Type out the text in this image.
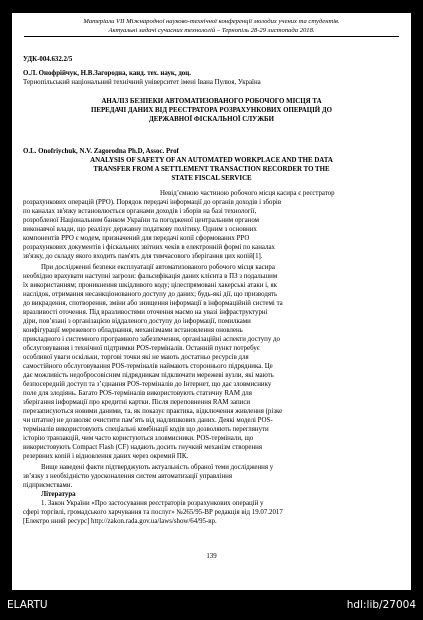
Матеріали VІІ Міжнародної науково-технічної конференції молодих учених та студентів.
Актуальні задачі сучасних технологій – Тернопіль 28-29 листопада 2018.
УДК-004.632.2/5
О.Л. Онофрійчук, Н.В.Загородна, канд. тех. наук, доц.
Тернопільський національний технічний університет імені Івана Пулюя, Україна
АНАЛІЗ БЕЗПЕКИ АВТОМАТИЗОВАНОГО РОБОЧОГО МІСЦЯ ТА
ПЕРЕДАЧІ ДАНИХ ВІД РЕЄСТРАТОРА РОЗРАХУНКОВИХ ОПЕРАЦІЙ ДО
ДЕРЖАВНОЇ ФІСКАЛЬНОЇ СЛУЖБИ
O.L. Onofriychuk, N.V. Zagorodna Ph.D, Assoc. Prof
ANALYSIS OF SAFETY OF AN AUTOMATED WORKPLACE AND THE DATA
TRANSFER FROM A SETTLEMENT TRANSACTION RECORDER TO THE
STATE FISCAL SERVICE
Невід’ємною частиною робочого місця касира є реєстратор
розрахункових операцій (РРО). Порядок передачі інформації до органів доходів і зборів
по каналах зв'язку встановлюється органами доходів і зборів на базі технології,
розробленої Національним банком України та погодженої центральним органом
виконавчої влади, що реалізує державну податкову політику. Одним з основних
компонентів РРО є модем, призначений для передачі копії сформованих РРО
розрахункових документів і фіскальних звітних чеків в електронній формі по каналах
зв'язку, до складу якого входить пам'ять для тимчасового зберігання цих копій[1].
При дослідженні безпеки експлуатації автоматизованого робочого місця касира
необхідно врахувати наступні загрози: фальсифікація даних клієнта в ПЗ з подальшим
їх використанням; проникнення шкідливого коду; цілеспрямовані хакерські атаки і, як
наслідок, отримання несанкціонованого доступу до даних; будь-які дії, що призводять
до викрадення, спотворення, зміни або знищення інформації в інформаційній системі та
вразливості оточення. Під вразливостями оточення маємо на увазі інфраструктурні
діри, пов’язані з організацією віддаленого доступу до інформації, помилками
конфігурації мережевого обладнання, механізмами встановлення оновлень
прикладного і системного програмного забезпечення, організаційні аспекти доступу до
обслуговування і технічної підтримки POS-терміналів. Останній пункт потребує
особливої уваги оскільки, торгові точки які не мають достатньо ресурсів для
самостійного обслуговування POS-терміналів наймають стороннього підрядника. Це
дає можливість недобросовісним підрядникам підключати мережеві вузли, які мають
безпосередній доступ та з’єднання POS-терміналів до Інтернет, що дає зловмиснику
поле для злодіянь. Багато POS-терміналів використовують статичну RAM для
зберігання інформації про кредитні картки. Після переповнення RAM записи
перезаписуються новими даними, та, як показує практика, відключення живлення (різке
чи штатне) не дозволяє очистити пам’ять від надлишкових даних. Деякі моделі POS-
терміналів використовують спеціальні комбінації кодів що дозволяють переглянути
історію транзакцій, чим часто користуються зловмисники. POS-термінали, що
використовують Compact Flash (CF) надають досить гнучкий механізм створення
резервних копій і відновлення даних через окремий ПК.
Вище наведені факти підтверджують актуальність обраної теми дослідження у
зв’язку з необхідністю удосконалення систем автоматизації управління
підприємствами.
Література
1. Закон України «Про застосування реєстраторів розрахункових операцій у
сфері торгівлі, громадського харчування та послуг» №265/95-ВР редакція від 19.07.2017
[Електро нний ресурс] http://zakon.rada.gov.ua/laws/show/64/95-вр.
139
ELARTU	hdl:lib/27004
